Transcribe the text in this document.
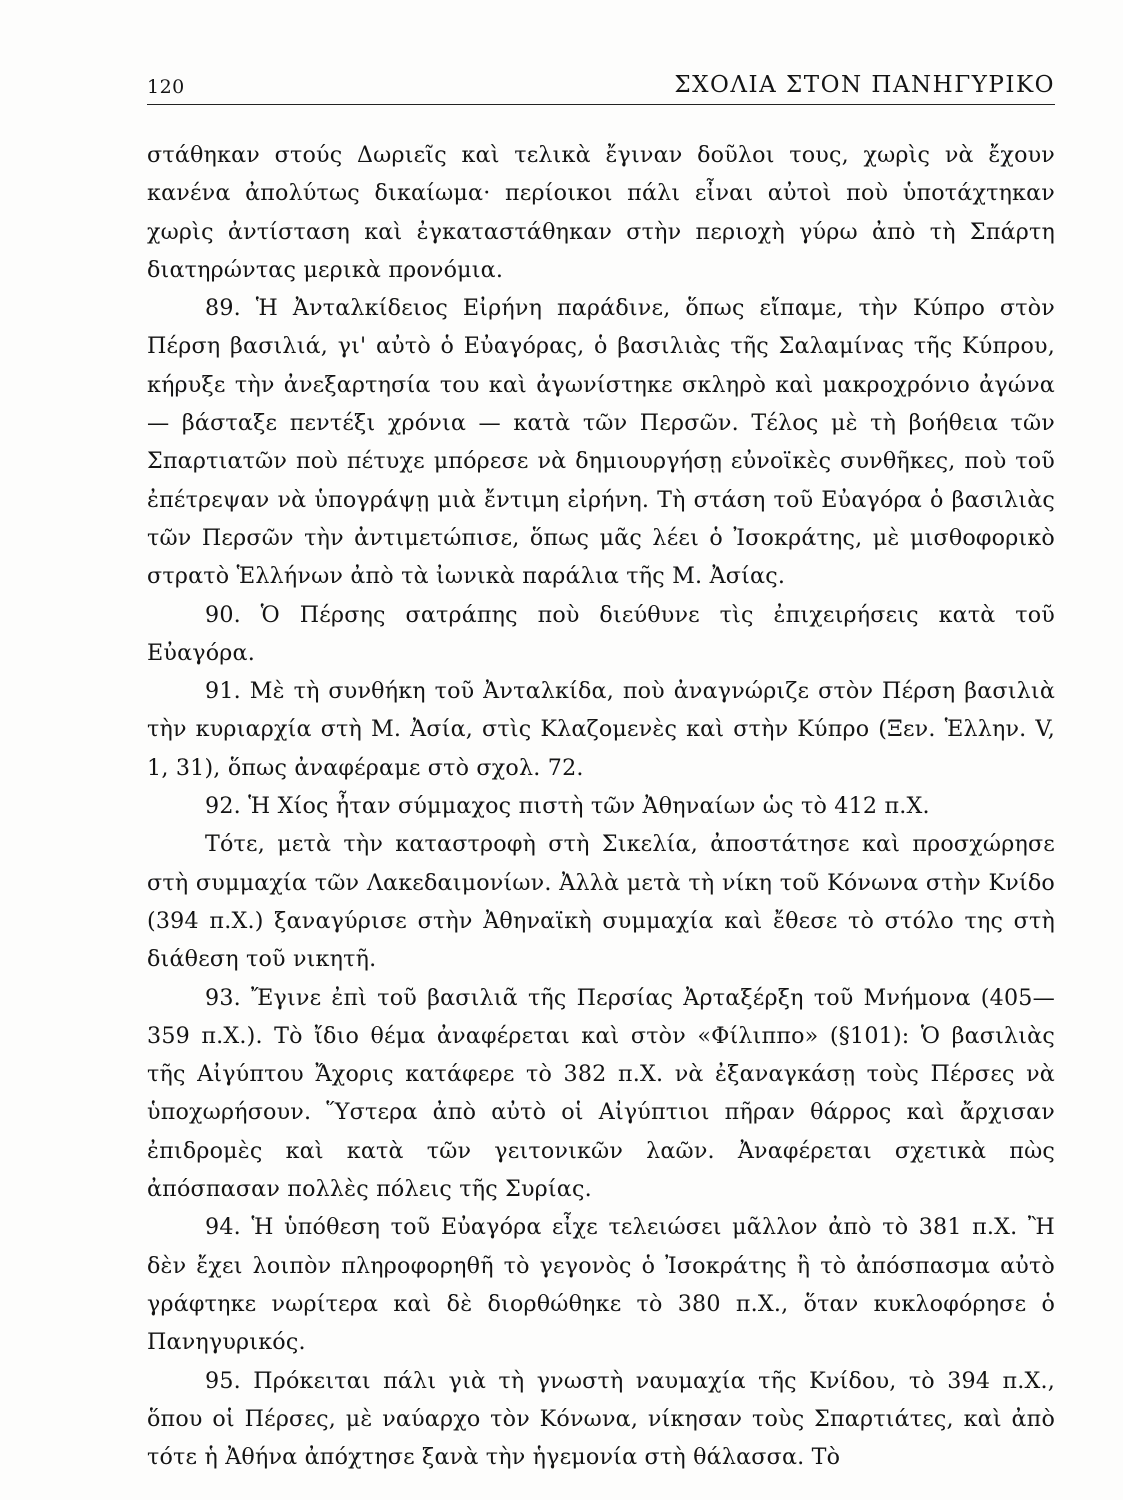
120	ΣΧΟΛΙΑ ΣΤΟΝ ΠΑΝΗΓΥΡΙΚΟ

στάθηκαν στούς Δωριεῖς καὶ τελικὰ ἔγιναν δοῦλοι τους, χωρὶς νὰ ἔχουν κανένα ἀπολύτως δικαίωμα· περίοικοι πάλι εἶναι αὐτοὶ ποὺ ὑποτάχτηκαν χωρὶς ἀντίσταση καὶ ἐγκαταστάθηκαν στὴν περιοχὴ γύρω ἀπὸ τὴ Σπάρτη διατηρώντας μερικὰ προνόμια.

89. Ἡ Ἀνταλκίδειος Εἰρήνη παράδινε, ὅπως εἴπαμε, τὴν Κύπρο στὸν Πέρση βασιλιά, γι' αὐτὸ ὁ Εὐαγόρας, ὁ βασιλιὰς τῆς Σαλαμίνας τῆς Κύπρου, κήρυξε τὴν ἀνεξαρτησία του καὶ ἀγωνίστηκε σκληρὸ καὶ μακροχρόνιο ἀγώνα — βάσταξε πεντέξι χρόνια — κατὰ τῶν Περσῶν. Τέλος μὲ τὴ βοήθεια τῶν Σπαρτιατῶν ποὺ πέτυχε μπόρεσε νὰ δημιουργήσῃ εὐνοϊκὲς συνθῆκες, ποὺ τοῦ ἐπέτρεψαν νὰ ὑπογράψῃ μιὰ ἔντιμη εἰρήνη. Τὴ στάση τοῦ Εὐαγόρα ὁ βασιλιὰς τῶν Περσῶν τὴν ἀντιμετώπισε, ὅπως μᾶς λέει ὁ Ἰσοκράτης, μὲ μισθοφορικὸ στρατὸ Ἑλλήνων ἀπὸ τὰ ἰωνικὰ παράλια τῆς Μ. Ἀσίας.

90. Ὁ Πέρσης σατράπης ποὺ διεύθυνε τὶς ἐπιχειρήσεις κατὰ τοῦ Εὐαγόρα.

91. Μὲ τὴ συνθήκη τοῦ Ἀνταλκίδα, ποὺ ἀναγνώριζε στὸν Πέρση βασιλιὰ τὴν κυριαρχία στὴ Μ. Ἀσία, στὶς Κλαζομενὲς καὶ στὴν Κύπρο (Ξεν. Ἑλλην. V, 1, 31), ὅπως ἀναφέραμε στὸ σχολ. 72.

92. Ἡ Χίος ἦταν σύμμαχος πιστὴ τῶν Ἀθηναίων ὡς τὸ 412 π.Χ.

Τότε, μετὰ τὴν καταστροφὴ στὴ Σικελία, ἀποστάτησε καὶ προσχώρησε στὴ συμμαχία τῶν Λακεδαιμονίων. Ἀλλὰ μετὰ τὴ νίκη τοῦ Κόνωνα στὴν Κνίδο (394 π.Χ.) ξαναγύρισε στὴν Ἀθηναϊκὴ συμμαχία καὶ ἔθεσε τὸ στόλο της στὴ διάθεση τοῦ νικητῆ.

93. Ἔγινε ἐπὶ τοῦ βασιλιᾶ τῆς Περσίας Ἀρταξέρξη τοῦ Μνήμονα (405—359 π.Χ.). Τὸ ἴδιο θέμα ἀναφέρεται καὶ στὸν «Φίλιππο» (§101): Ὁ βασιλιὰς τῆς Αἰγύπτου Ἄχορις κατάφερε τὸ 382 π.Χ. νὰ ἐξαναγκάσῃ τοὺς Πέρσες νὰ ὑποχωρήσουν. Ὕστερα ἀπὸ αὐτὸ οἱ Αἰγύπτιοι πῆραν θάρρος καὶ ἄρχισαν ἐπιδρομὲς καὶ κατὰ τῶν γειτονικῶν λαῶν. Ἀναφέρεται σχετικὰ πὼς ἀπόσπασαν πολλὲς πόλεις τῆς Συρίας.

94. Ἡ ὑπόθεση τοῦ Εὐαγόρα εἶχε τελειώσει μᾶλλον ἀπὸ τὸ 381 π.Χ. Ἢ δὲν ἔχει λοιπὸν πληροφορηθῆ τὸ γεγονὸς ὁ Ἰσοκράτης ἢ τὸ ἀπόσπασμα αὐτὸ γράφτηκε νωρίτερα καὶ δὲ διορθώθηκε τὸ 380 π.Χ., ὅταν κυκλοφόρησε ὁ Πανηγυρικός.

95. Πρόκειται πάλι γιὰ τὴ γνωστὴ ναυμαχία τῆς Κνίδου, τὸ 394 π.Χ., ὅπου οἱ Πέρσες, μὲ ναύαρχο τὸν Κόνωνα, νίκησαν τοὺς Σπαρτιάτες, καὶ ἀπὸ τότε ἡ Ἀθήνα ἀπόχτησε ξανὰ τὴν ἡγεμονία στὴ θάλασσα. Τὸ
